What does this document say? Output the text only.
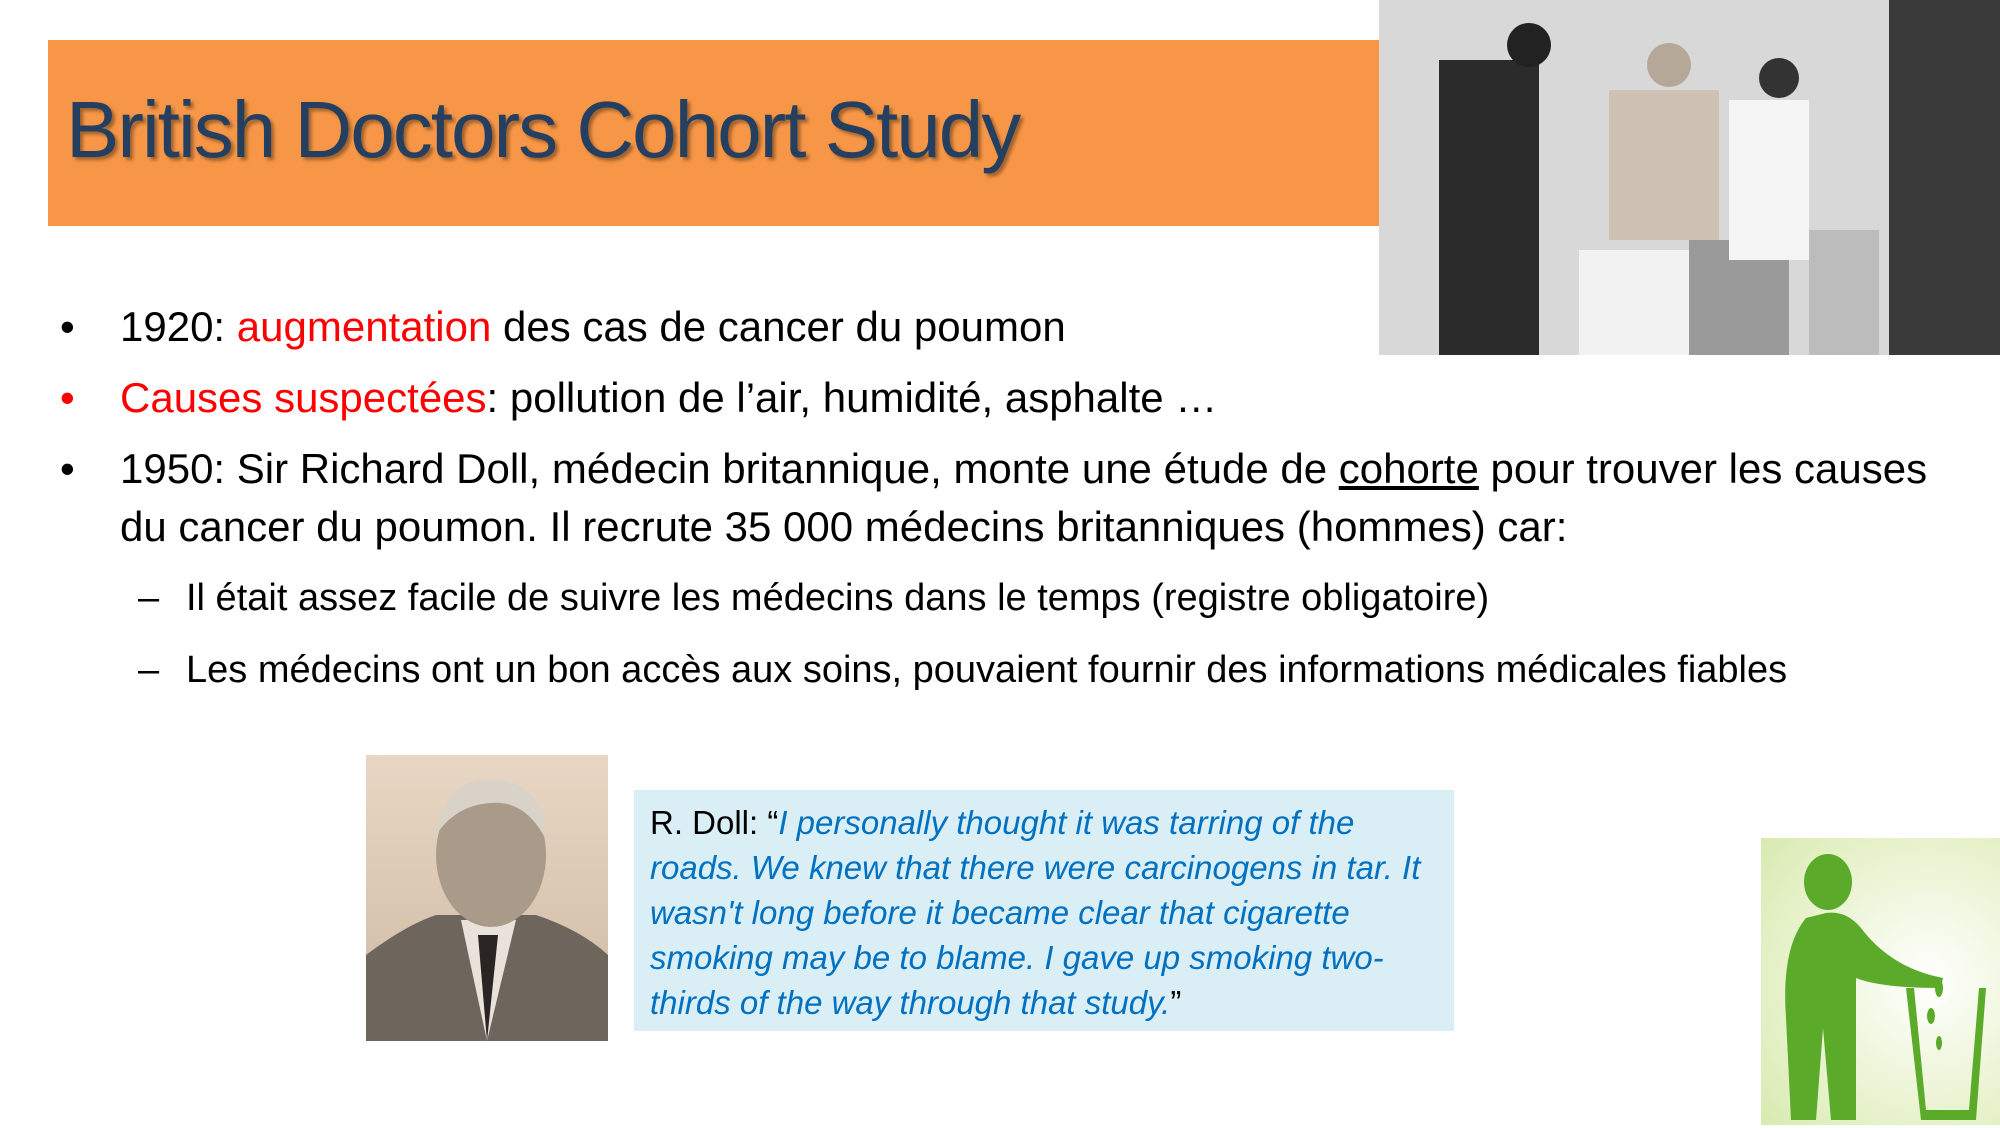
British Doctors Cohort Study
• 1920: augmentation des cas de cancer du poumon
• Causes suspectées: pollution de l’air, humidité, asphalte …
• 1950: Sir Richard Doll, médecin britannique, monte une étude de cohorte pour trouver les causes du cancer du poumon. Il recrute 35 000 médecins britanniques (hommes) car:
– Il était assez facile de suivre les médecins dans le temps (registre obligatoire)
– Les médecins ont un bon accès aux soins, pouvaient fournir des informations médicales fiables
R. Doll: “I personally thought it was tarring of the roads. We knew that there were carcinogens in tar. It wasn't long before it became clear that cigarette smoking may be to blame. I gave up smoking two-thirds of the way through that study.”
